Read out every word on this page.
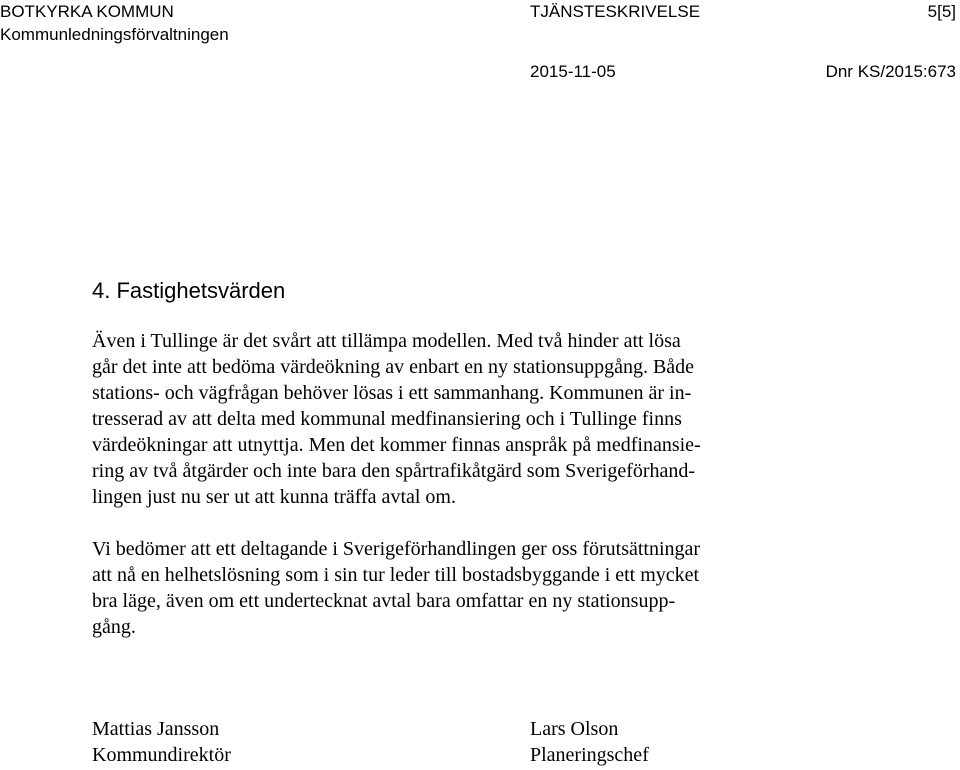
BOTKYRKA KOMMUN
Kommunledningsförvaltningen
TJÄNSTESKRIVELSE	5[5]
2015-11-05	Dnr KS/2015:673
4. Fastighetsvärden
Även i Tullinge är det svårt att tillämpa modellen. Med två hinder att lösa
går det inte att bedöma värdeökning av enbart en ny stationsuppgång. Både
stations- och vägfrågan behöver lösas i ett sammanhang. Kommunen är in-
tresserad av att delta med kommunal medfinansiering och i Tullinge finns
värdeökningar att utnyttja. Men det kommer finnas anspråk på medfinansie-
ring av två åtgärder och inte bara den spårtrafikåtgärd som Sverigeförhand-
lingen just nu ser ut att kunna träffa avtal om.
Vi bedömer att ett deltagande i Sverigeförhandlingen ger oss förutsättningar
att nå en helhetslösning som i sin tur leder till bostadsbyggande i ett mycket
bra läge, även om ett undertecknat avtal bara omfattar en ny stationsupp-
gång.
Mattias Jansson
Kommundirektör
Lars Olson
Planeringschef
